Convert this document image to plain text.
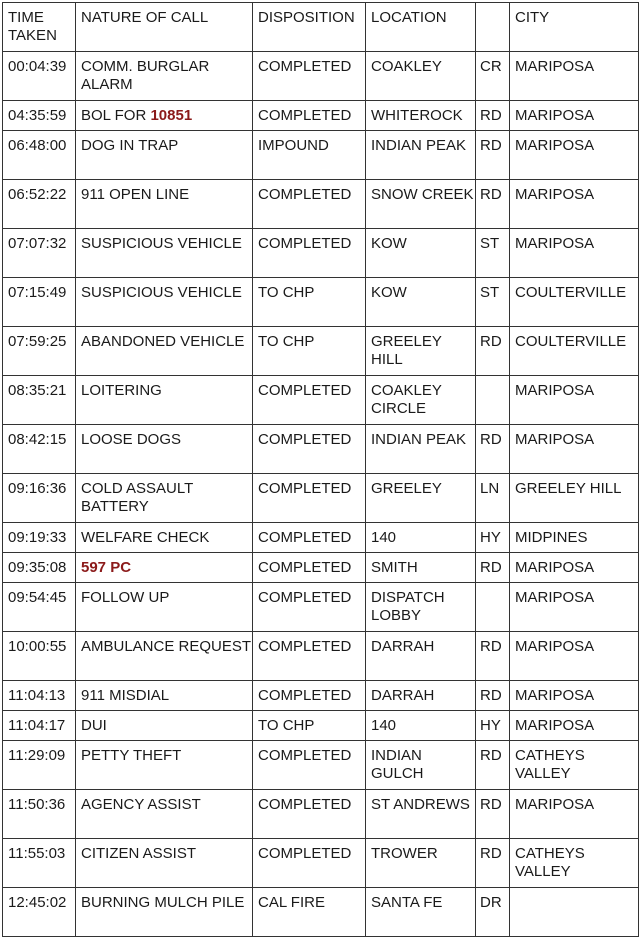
TIME TAKEN	NATURE OF CALL	DISPOSITION	LOCATION		CITY
00:04:39	COMM. BURGLAR ALARM	COMPLETED	COAKLEY	CR	MARIPOSA
04:35:59	BOL FOR 10851	COMPLETED	WHITEROCK	RD	MARIPOSA
06:48:00	DOG IN TRAP	IMPOUND	INDIAN PEAK	RD	MARIPOSA
06:52:22	911 OPEN LINE	COMPLETED	SNOW CREEK	RD	MARIPOSA
07:07:32	SUSPICIOUS VEHICLE	COMPLETED	KOW	ST	MARIPOSA
07:15:49	SUSPICIOUS VEHICLE	TO CHP	KOW	ST	COULTERVILLE
07:59:25	ABANDONED VEHICLE	TO CHP	GREELEY HILL	RD	COULTERVILLE
08:35:21	LOITERING	COMPLETED	COAKLEY CIRCLE		MARIPOSA
08:42:15	LOOSE DOGS	COMPLETED	INDIAN PEAK	RD	MARIPOSA
09:16:36	COLD ASSAULT BATTERY	COMPLETED	GREELEY	LN	GREELEY HILL
09:19:33	WELFARE CHECK	COMPLETED	140	HY	MIDPINES
09:35:08	597 PC	COMPLETED	SMITH	RD	MARIPOSA
09:54:45	FOLLOW UP	COMPLETED	DISPATCH LOBBY		MARIPOSA
10:00:55	AMBULANCE REQUEST	COMPLETED	DARRAH	RD	MARIPOSA
11:04:13	911 MISDIAL	COMPLETED	DARRAH	RD	MARIPOSA
11:04:17	DUI	TO CHP	140	HY	MARIPOSA
11:29:09	PETTY THEFT	COMPLETED	INDIAN GULCH	RD	CATHEYS VALLEY
11:50:36	AGENCY ASSIST	COMPLETED	ST ANDREWS	RD	MARIPOSA
11:55:03	CITIZEN ASSIST	COMPLETED	TROWER	RD	CATHEYS VALLEY
12:45:02	BURNING MULCH PILE	CAL FIRE	SANTA FE	DR	
